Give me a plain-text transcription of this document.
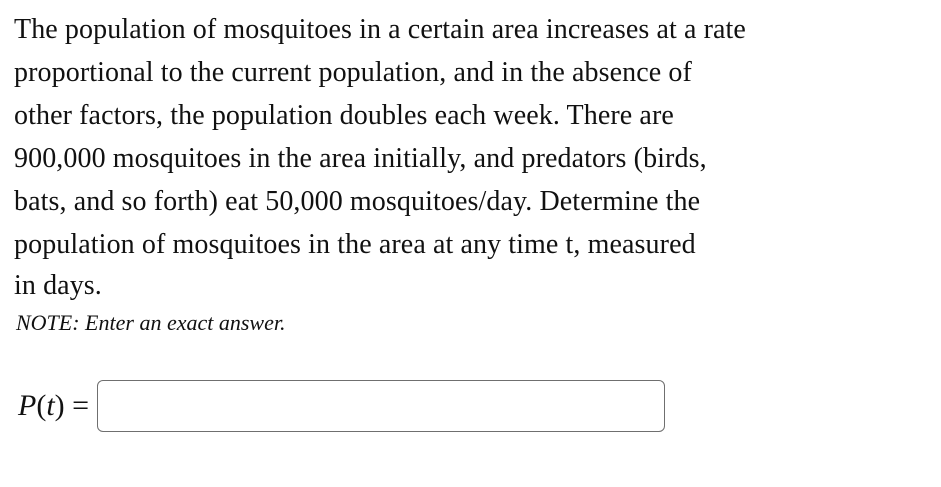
The population of mosquitoes in a certain area increases at a rate
proportional to the current population, and in the absence of
other factors, the population doubles each week. There are
900,000 mosquitoes in the area initially, and predators (birds,
bats, and so forth) eat 50,000 mosquitoes/day. Determine the
population of mosquitoes in the area at any time t, measured
in days.
NOTE: Enter an exact answer.
P(t) =
